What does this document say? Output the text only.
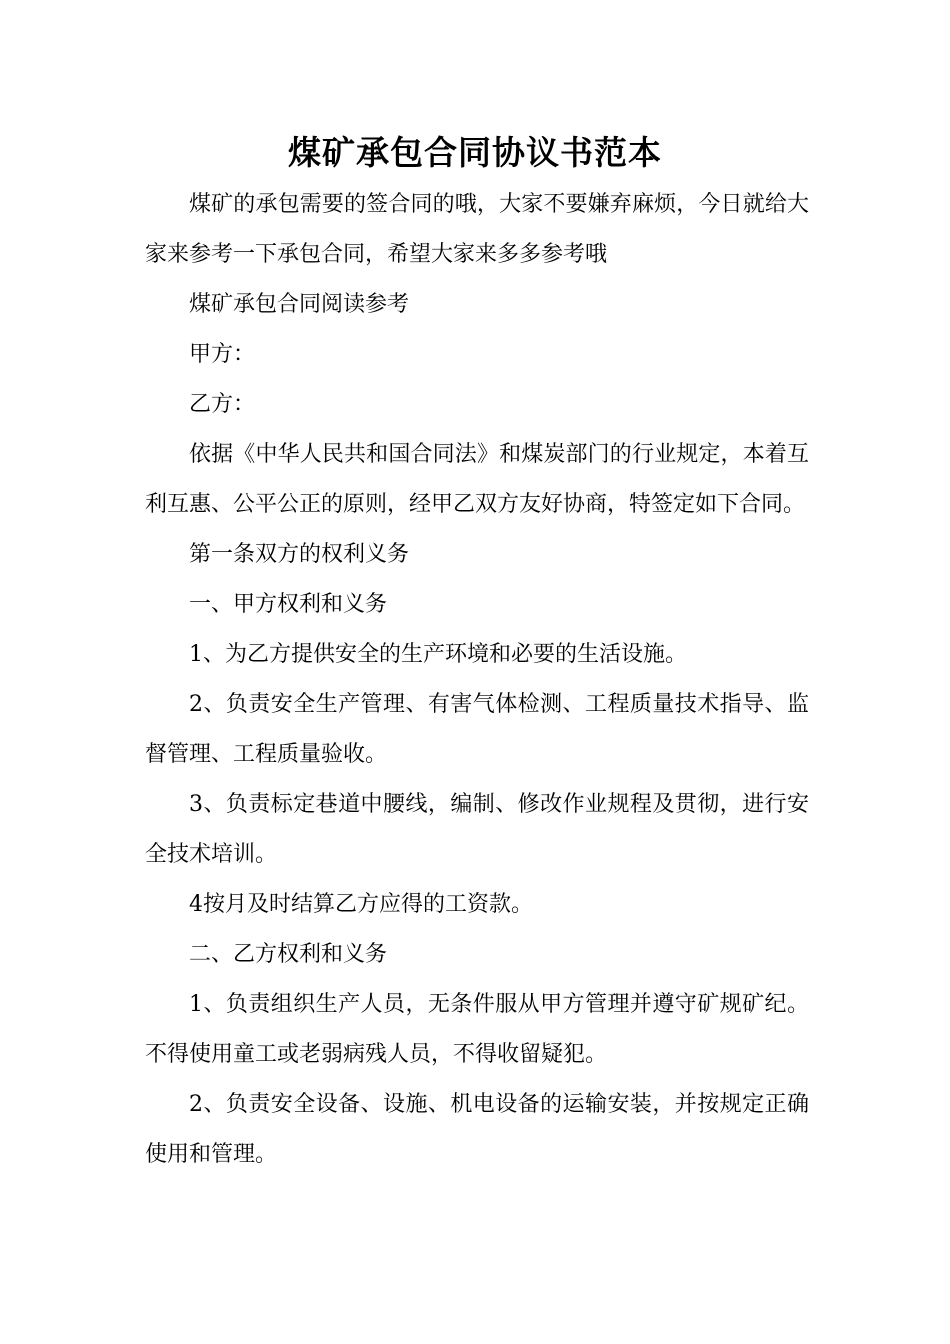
煤矿承包合同协议书范本

煤矿的承包需要的签合同的哦，大家不要嫌弃麻烦，今日就给大家来参考一下承包合同，希望大家来多多参考哦

煤矿承包合同阅读参考

甲方：

乙方：

依据《中华人民共和国合同法》和煤炭部门的行业规定，本着互利互惠、公平公正的原则，经甲乙双方友好协商，特签定如下合同。

第一条双方的权利义务

一、甲方权利和义务

1、为乙方提供安全的生产环境和必要的生活设施。

2、负责安全生产管理、有害气体检测、工程质量技术指导、监督管理、工程质量验收。

3、负责标定巷道中腰线，编制、修改作业规程及贯彻，进行安全技术培训。

4按月及时结算乙方应得的工资款。

二、乙方权利和义务

1、负责组织生产人员，无条件服从甲方管理并遵守矿规矿纪。不得使用童工或老弱病残人员，不得收留疑犯。

2、负责安全设备、设施、机电设备的运输安装，并按规定正确使用和管理。
